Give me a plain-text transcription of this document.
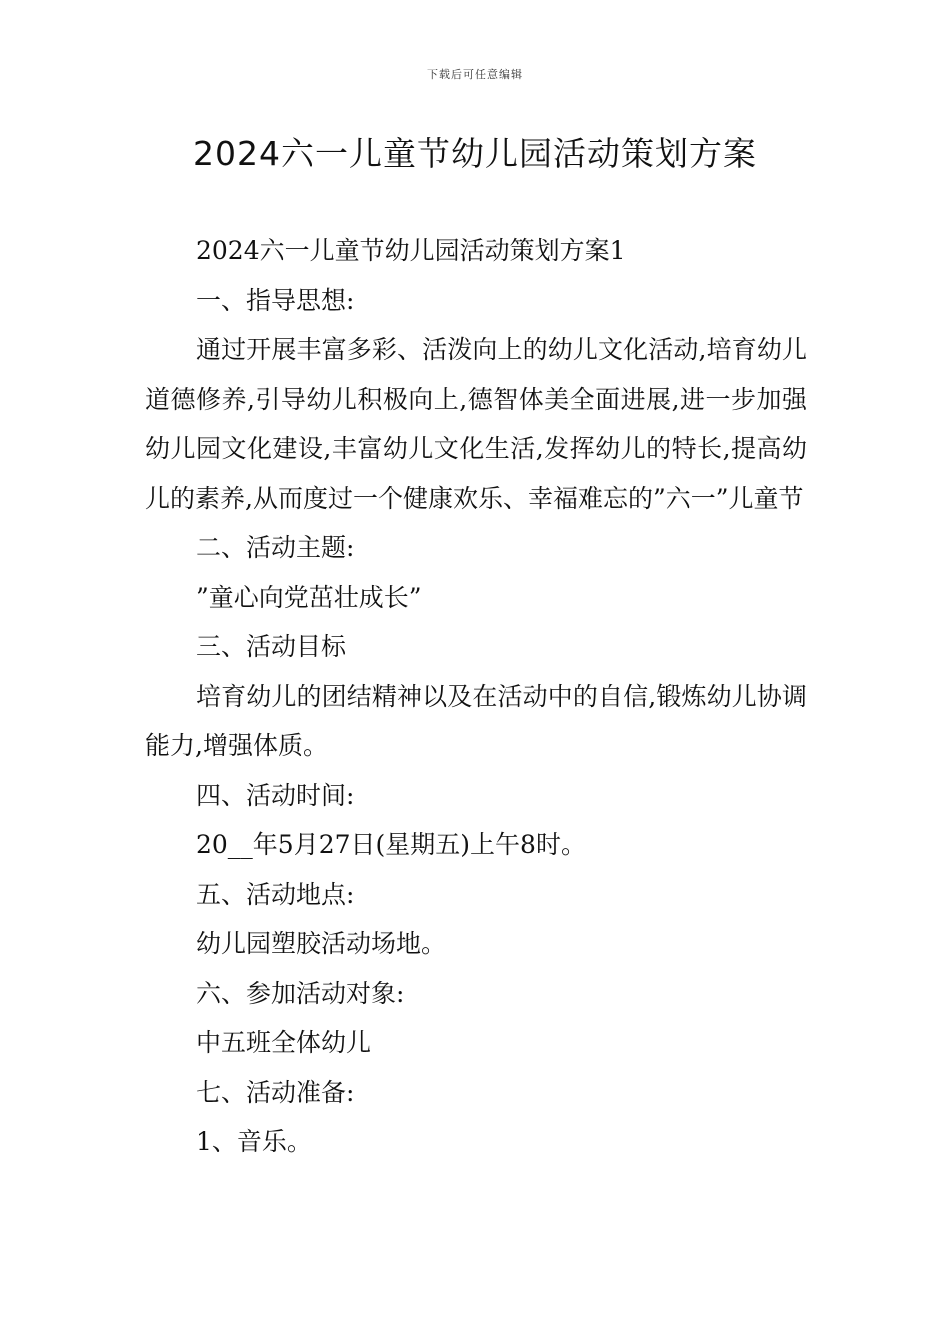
下载后可任意编辑
2024六一儿童节幼儿园活动策划方案

2024六一儿童节幼儿园活动策划方案1

一、指导思想:

通过开展丰富多彩、活泼向上的幼儿文化活动,培育幼儿道德修养,引导幼儿积极向上,德智体美全面进展,进一步加强幼儿园文化建设,丰富幼儿文化生活,发挥幼儿的特长,提高幼儿的素养,从而度过一个健康欢乐、幸福难忘的”六一”儿童节

二、活动主题:

”童心向党茁壮成长”

三、活动目标

培育幼儿的团结精神以及在活动中的自信,锻炼幼儿协调能力,增强体质。

四、活动时间:

20__年5月27日(星期五)上午8时。

五、活动地点:

幼儿园塑胶活动场地。

六、参加活动对象:

中五班全体幼儿

七、活动准备:

1、音乐。
